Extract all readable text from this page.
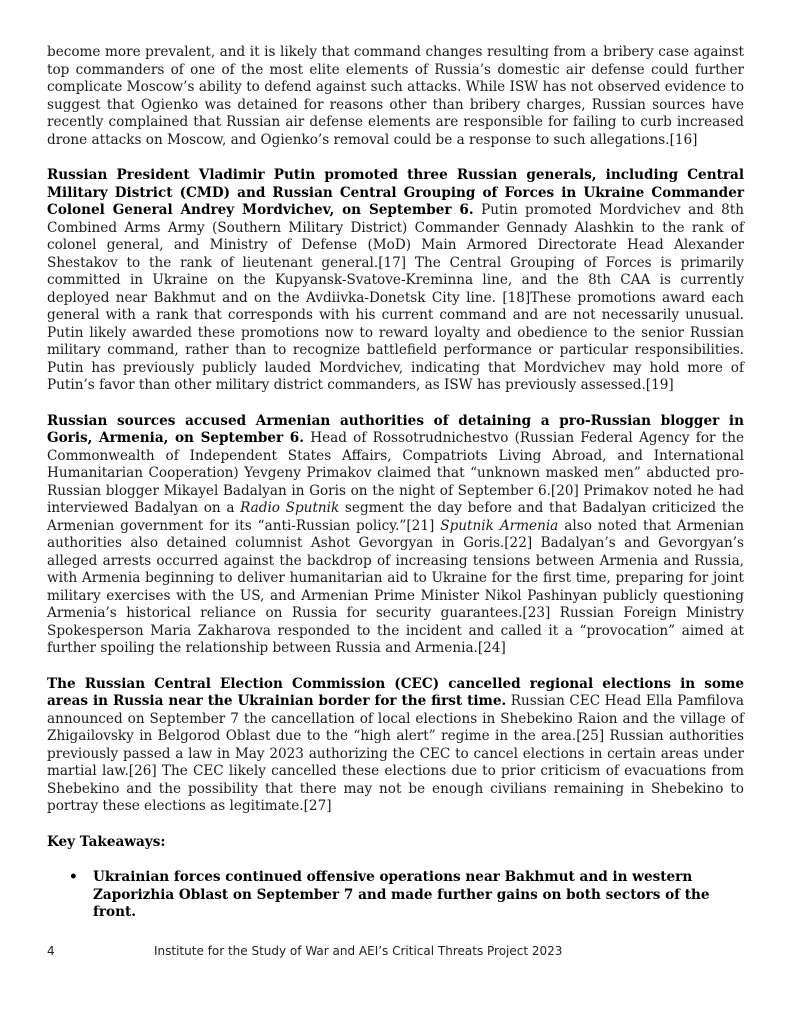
become more prevalent, and it is likely that command changes resulting from a bribery case against top commanders of one of the most elite elements of Russia’s domestic air defense could further complicate Moscow’s ability to defend against such attacks. While ISW has not observed evidence to suggest that Ogienko was detained for reasons other than bribery charges, Russian sources have recently complained that Russian air defense elements are responsible for failing to curb increased drone attacks on Moscow, and Ogienko’s removal could be a response to such allegations.[16]

Russian President Vladimir Putin promoted three Russian generals, including Central Military District (CMD) and Russian Central Grouping of Forces in Ukraine Commander Colonel General Andrey Mordvichev, on September 6. Putin promoted Mordvichev and 8th Combined Arms Army (Southern Military District) Commander Gennady Alashkin to the rank of colonel general, and Ministry of Defense (MoD) Main Armored Directorate Head Alexander Shestakov to the rank of lieutenant general.[17] The Central Grouping of Forces is primarily committed in Ukraine on the Kupyansk-Svatove-Kreminna line, and the 8th CAA is currently deployed near Bakhmut and on the Avdiivka-Donetsk City line. [18]These promotions award each general with a rank that corresponds with his current command and are not necessarily unusual. Putin likely awarded these promotions now to reward loyalty and obedience to the senior Russian military command, rather than to recognize battlefield performance or particular responsibilities. Putin has previously publicly lauded Mordvichev, indicating that Mordvichev may hold more of Putin’s favor than other military district commanders, as ISW has previously assessed.[19]

Russian sources accused Armenian authorities of detaining a pro-Russian blogger in Goris, Armenia, on September 6. Head of Rossotrudnichestvo (Russian Federal Agency for the Commonwealth of Independent States Affairs, Compatriots Living Abroad, and International Humanitarian Cooperation) Yevgeny Primakov claimed that “unknown masked men” abducted pro-Russian blogger Mikayel Badalyan in Goris on the night of September 6.[20] Primakov noted he had interviewed Badalyan on a Radio Sputnik segment the day before and that Badalyan criticized the Armenian government for its “anti-Russian policy.”[21] Sputnik Armenia also noted that Armenian authorities also detained columnist Ashot Gevorgyan in Goris.[22] Badalyan’s and Gevorgyan’s alleged arrests occurred against the backdrop of increasing tensions between Armenia and Russia, with Armenia beginning to deliver humanitarian aid to Ukraine for the first time, preparing for joint military exercises with the US, and Armenian Prime Minister Nikol Pashinyan publicly questioning Armenia’s historical reliance on Russia for security guarantees.[23] Russian Foreign Ministry Spokesperson Maria Zakharova responded to the incident and called it a “provocation” aimed at further spoiling the relationship between Russia and Armenia.[24]

The Russian Central Election Commission (CEC) cancelled regional elections in some areas in Russia near the Ukrainian border for the first time. Russian CEC Head Ella Pamfilova announced on September 7 the cancellation of local elections in Shebekino Raion and the village of Zhigailovsky in Belgorod Oblast due to the “high alert” regime in the area.[25] Russian authorities previously passed a law in May 2023 authorizing the CEC to cancel elections in certain areas under martial law.[26] The CEC likely cancelled these elections due to prior criticism of evacuations from Shebekino and the possibility that there may not be enough civilians remaining in Shebekino to portray these elections as legitimate.[27]

Key Takeaways:
• Ukrainian forces continued offensive operations near Bakhmut and in western Zaporizhia Oblast on September 7 and made further gains on both sectors of the front.
4	Institute for the Study of War and AEI’s Critical Threats Project 2023
